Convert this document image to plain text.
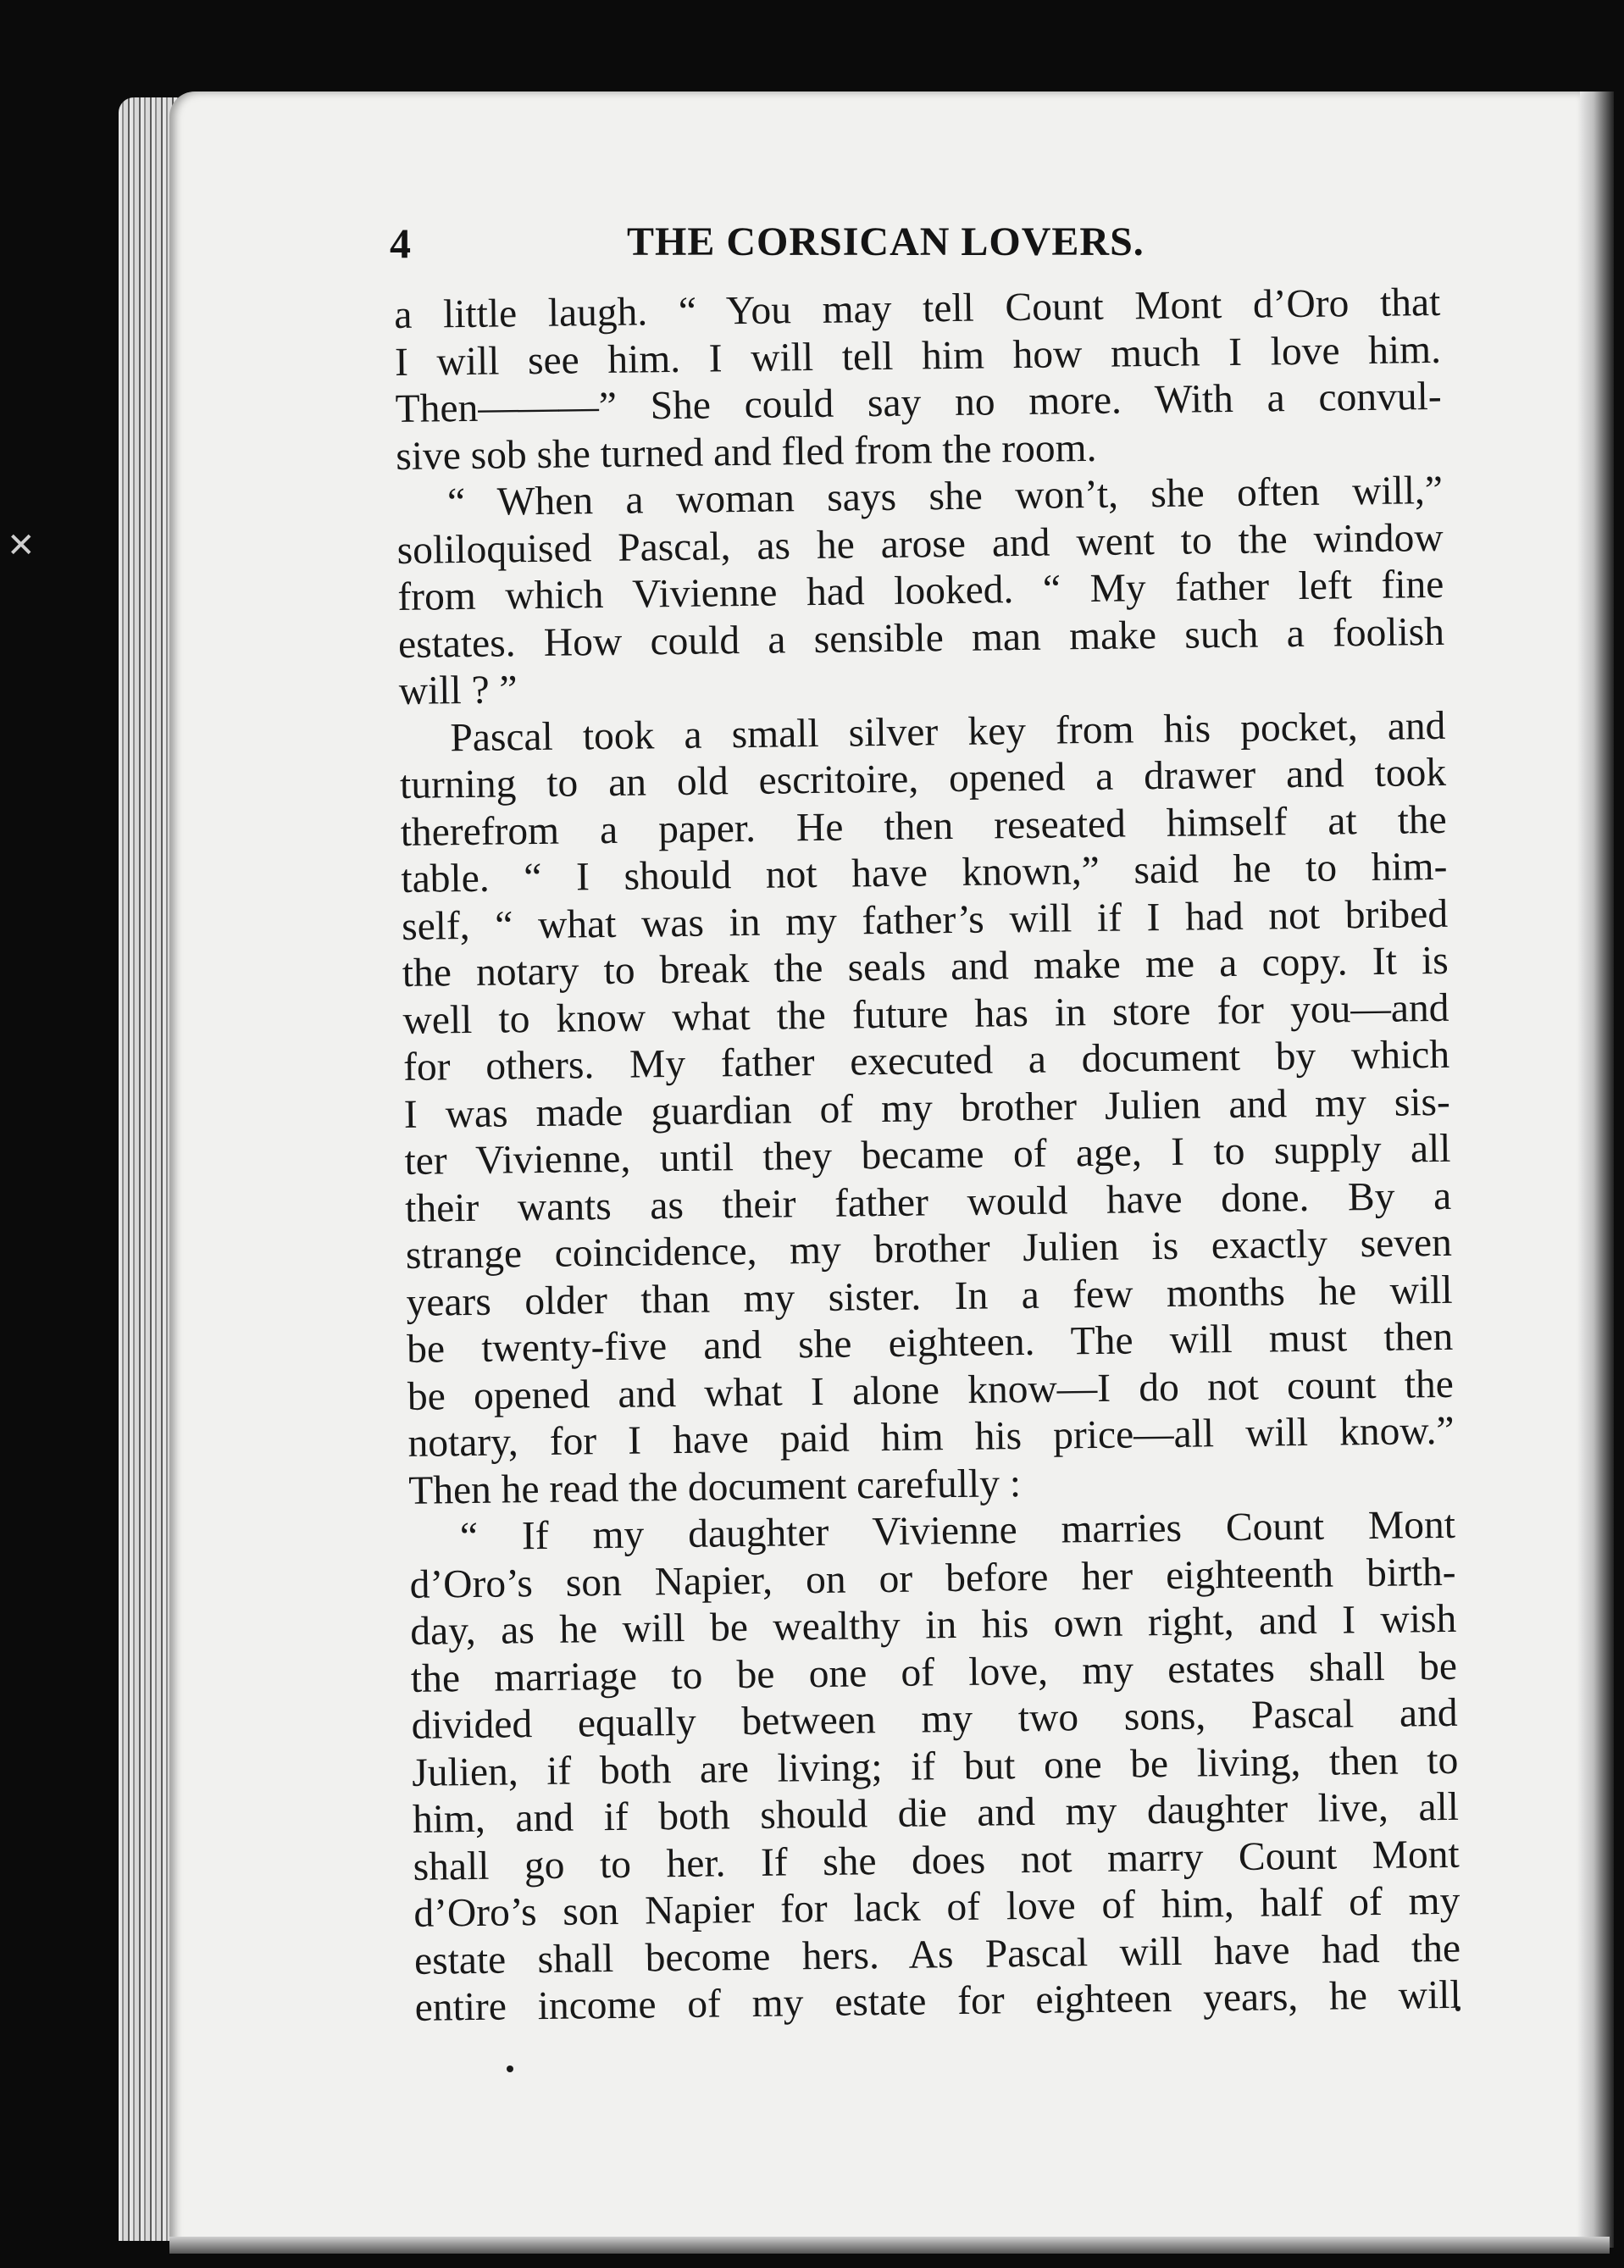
✕
4	THE CORSICAN LOVERS.
a little laugh. “ You may tell Count Mont d’Oro that
I will see him. I will tell him how much I love him.
Then———” She could say no more. With a convul-
sive sob she turned and fled from the room.
“ When a woman says she won’t, she often will,”
soliloquised Pascal, as he arose and went to the window
from which Vivienne had looked. “ My father left fine
estates. How could a sensible man make such a foolish
will ? ”
Pascal took a small silver key from his pocket, and
turning to an old escritoire, opened a drawer and took
therefrom a paper. He then reseated himself at the
table. “ I should not have known,” said he to him-
self, “ what was in my father’s will if I had not bribed
the notary to break the seals and make me a copy. It is
well to know what the future has in store for you—and
for others. My father executed a document by which
I was made guardian of my brother Julien and my sis-
ter Vivienne, until they became of age, I to supply all
their wants as their father would have done. By a
strange coincidence, my brother Julien is exactly seven
years older than my sister. In a few months he will
be twenty-five and she eighteen. The will must then
be opened and what I alone know—I do not count the
notary, for I have paid him his price—all will know.”
Then he read the document carefully :
“ If my daughter Vivienne marries Count Mont
d’Oro’s son Napier, on or before her eighteenth birth-
day, as he will be wealthy in his own right, and I wish
the marriage to be one of love, my estates shall be
divided equally between my two sons, Pascal and
Julien, if both are living; if but one be living, then to
him, and if both should die and my daughter live, all
shall go to her. If she does not marry Count Mont
d’Oro’s son Napier for lack of love of him, half of my
estate shall become hers. As Pascal will have had the
entire income of my estate for eighteen years, he will
